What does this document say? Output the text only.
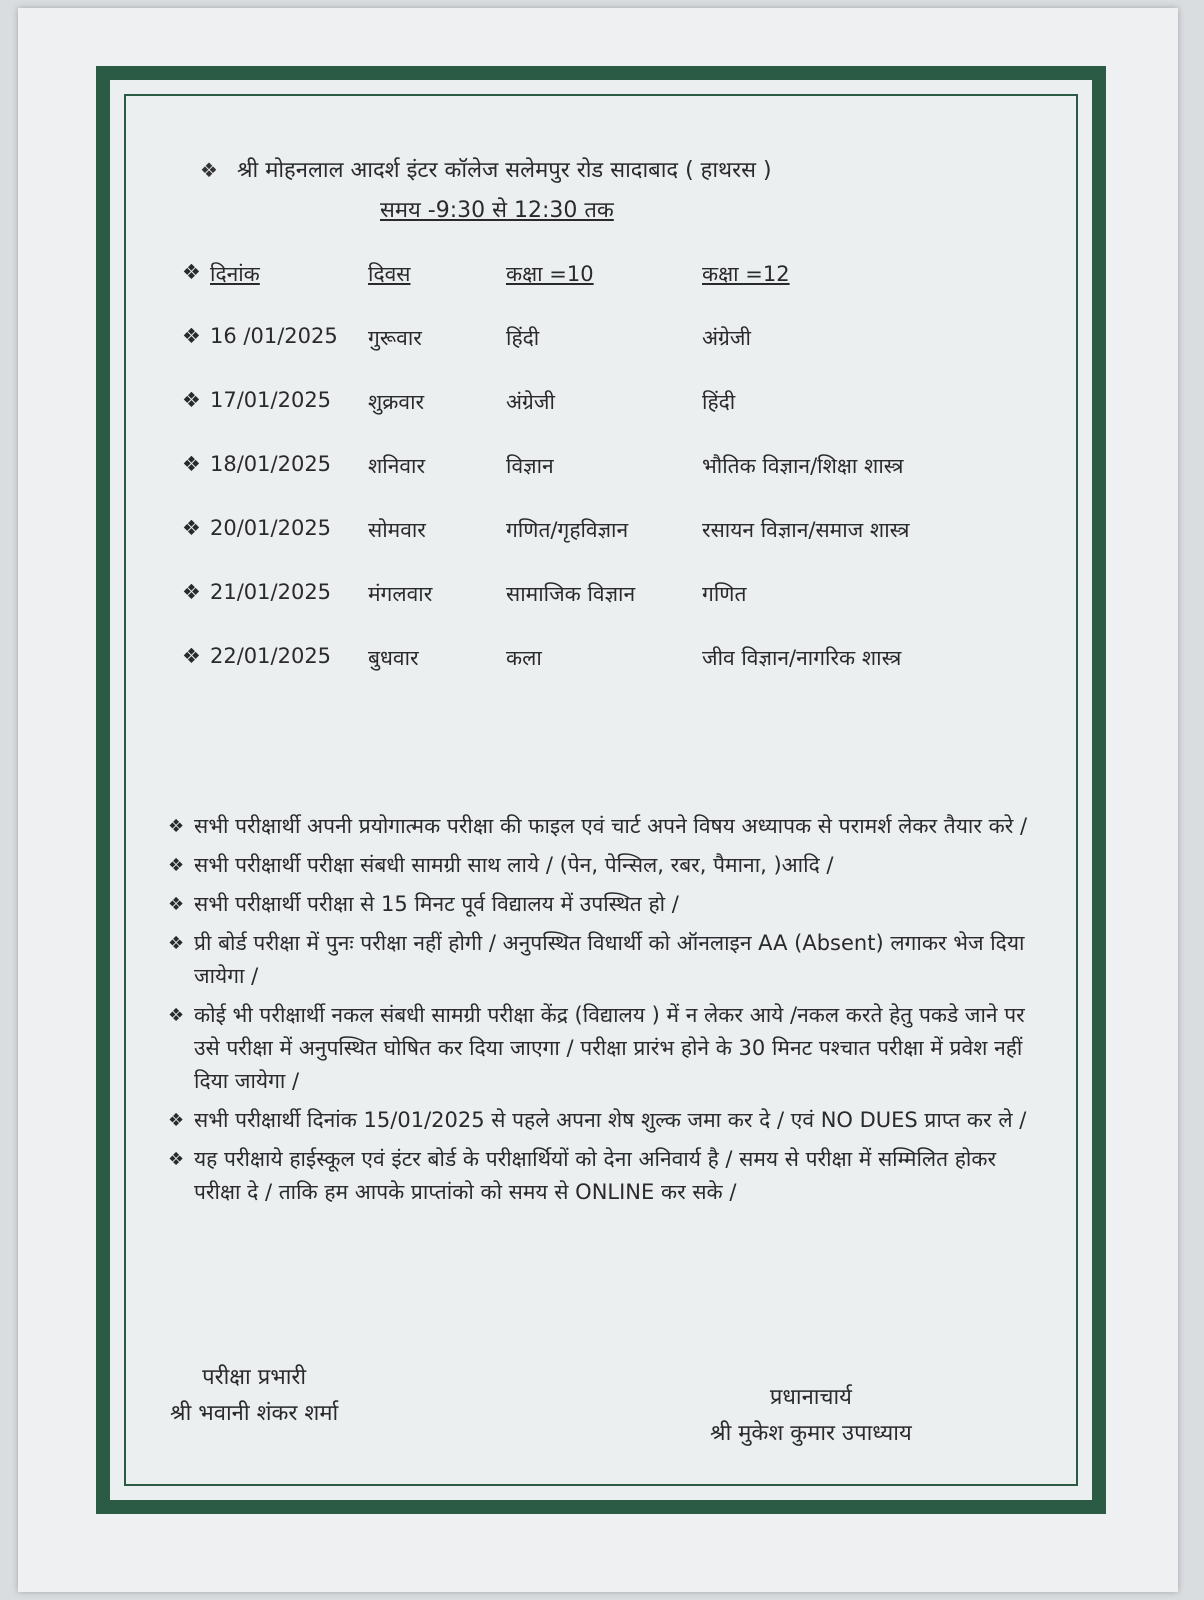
❖ श्री मोहनलाल आदर्श इंटर कॉलेज सलेमपुर रोड सादाबाद ( हाथरस )
समय -9:30 से 12:30 तक
❖ दिनांक	दिवस	कक्षा =10	कक्षा =12
❖ 16 /01/2025 गुरूवार	हिंदी	अंग्रेजी
❖ 17/01/2025 शुक्रवार	अंग्रेजी	हिंदी
❖ 18/01/2025 शनिवार	विज्ञान	भौतिक विज्ञान/शिक्षा शास्त्र
❖ 20/01/2025 सोमवार	गणित/गृहविज्ञान	रसायन विज्ञान/समाज शास्त्र
❖ 21/01/2025 मंगलवार	सामाजिक विज्ञान	गणित
❖ 22/01/2025 बुधवार	कला	जीव विज्ञान/नागरिक शास्त्र
❖ सभी परीक्षार्थी अपनी प्रयोगात्मक परीक्षा की फाइल एवं चार्ट अपने विषय अध्यापक से परामर्श लेकर तैयार करे /
❖ सभी परीक्षार्थी परीक्षा संबधी सामग्री साथ लाये / (पेन, पेन्सिल, रबर, पैमाना, )आदि /
❖ सभी परीक्षार्थी परीक्षा से 15 मिनट पूर्व विद्यालय में उपस्थित हो /
❖ प्री बोर्ड परीक्षा में पुनः परीक्षा नहीं होगी / अनुपस्थित विधार्थी को ऑनलाइन AA (Absent) लगाकर भेज दिया जायेगा /
❖ कोई भी परीक्षार्थी नकल संबधी सामग्री परीक्षा केंद्र (विद्यालय ) में न लेकर आये /नकल करते हेतु पकडे जाने पर उसे परीक्षा में अनुपस्थित घोषित कर दिया जाएगा / परीक्षा प्रारंभ होने के 30 मिनट पश्चात परीक्षा में प्रवेश नहीं दिया जायेगा /
❖ सभी परीक्षार्थी दिनांक 15/01/2025 से पहले अपना शेष शुल्क जमा कर दे / एवं NO DUES प्राप्त कर ले /
❖ यह परीक्षाये हाईस्कूल एवं इंटर बोर्ड के परीक्षार्थियों को देना अनिवार्य है / समय से परीक्षा में सम्मिलित होकर परीक्षा दे / ताकि हम आपके प्राप्तांको को समय से ONLINE कर सके /
परीक्षा प्रभारी
श्री भवानी शंकर शर्मा
प्रधानाचार्य
श्री मुकेश कुमार उपाध्याय
